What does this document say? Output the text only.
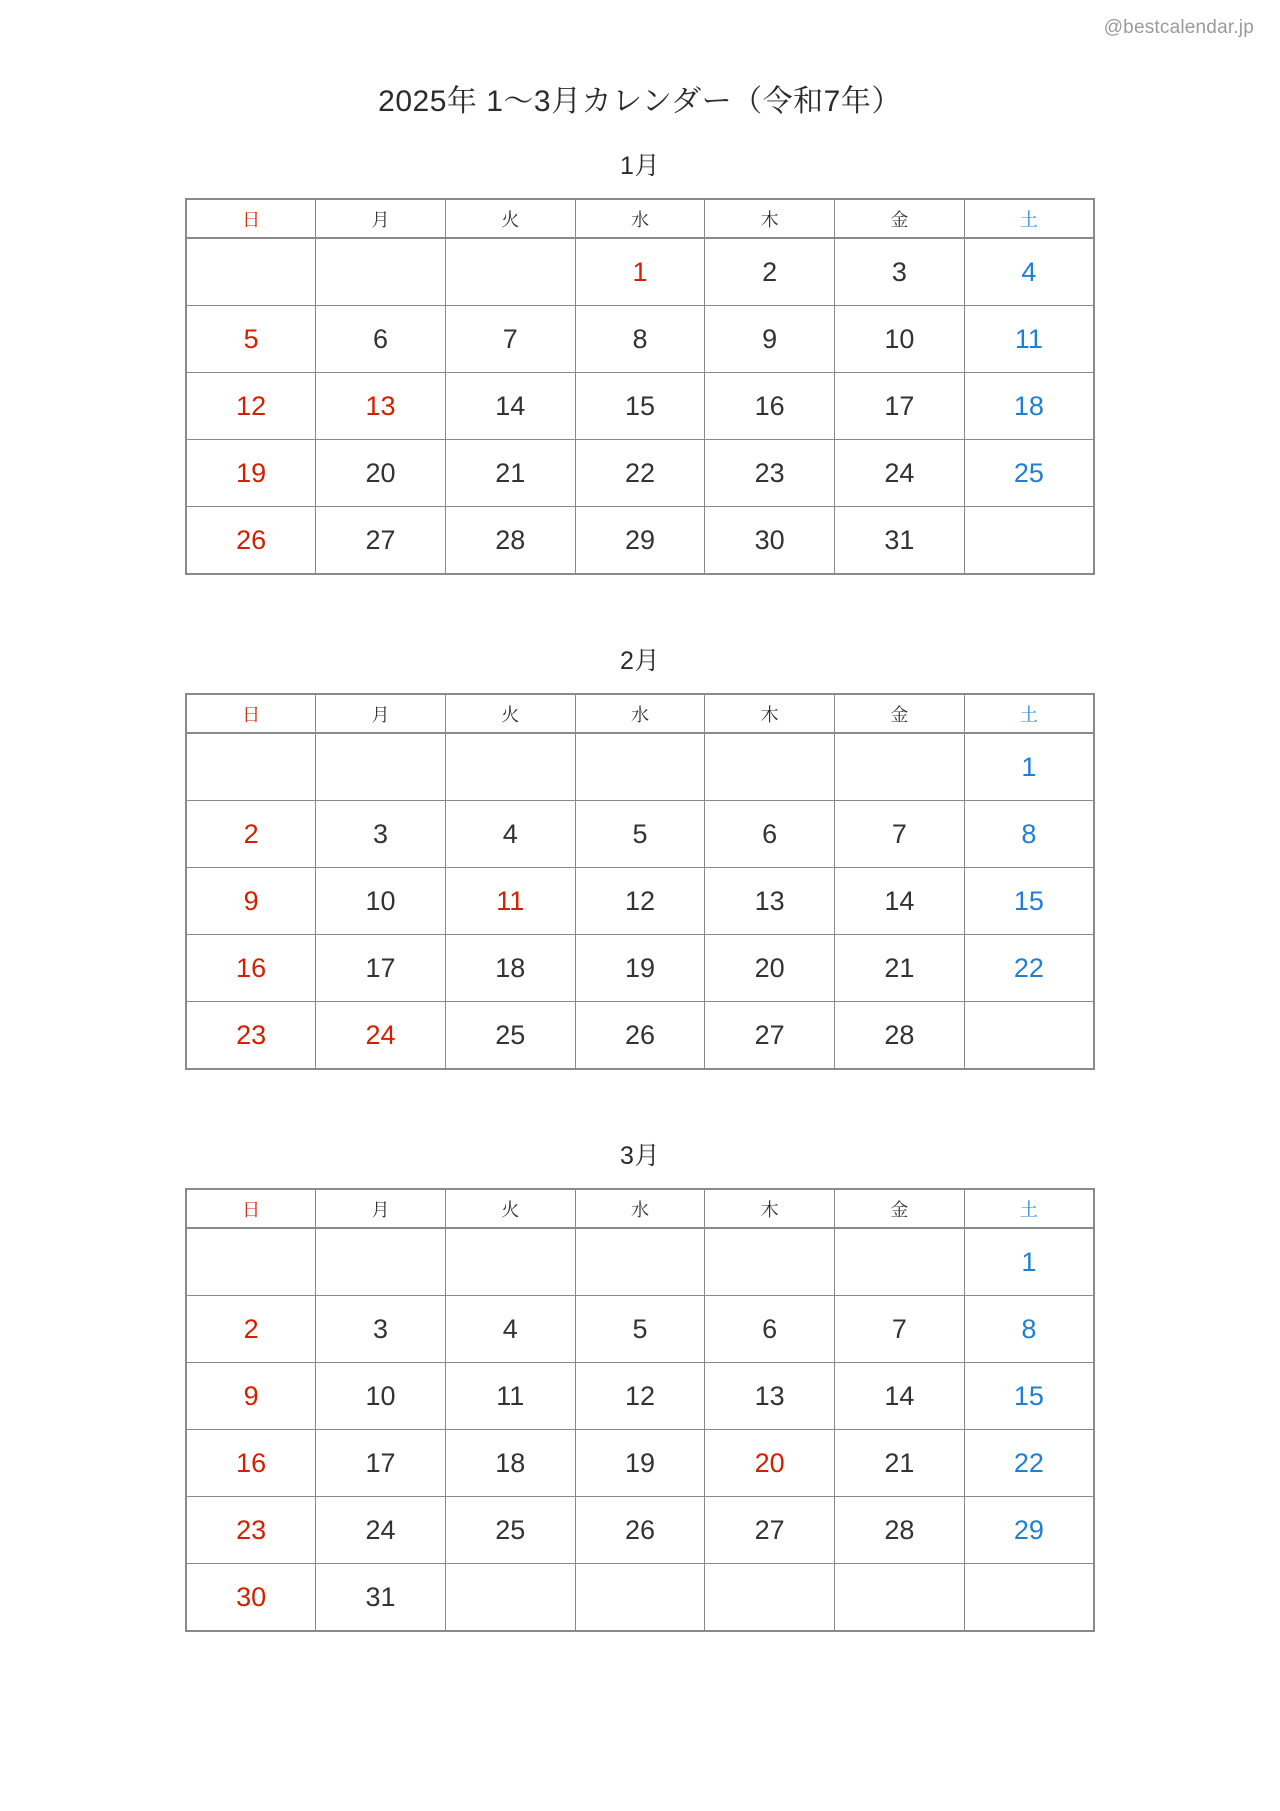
@bestcalendar.jp
2025年 1〜3月カレンダー（令和7年）
1月
日	月	火	水	木	金	土
			1	2	3	4
5	6	7	8	9	10	11
12	13	14	15	16	17	18
19	20	21	22	23	24	25
26	27	28	29	30	31	
2月
日	月	火	水	木	金	土
						1
2	3	4	5	6	7	8
9	10	11	12	13	14	15
16	17	18	19	20	21	22
23	24	25	26	27	28	
3月
日	月	火	水	木	金	土
						1
2	3	4	5	6	7	8
9	10	11	12	13	14	15
16	17	18	19	20	21	22
23	24	25	26	27	28	29
30	31					
